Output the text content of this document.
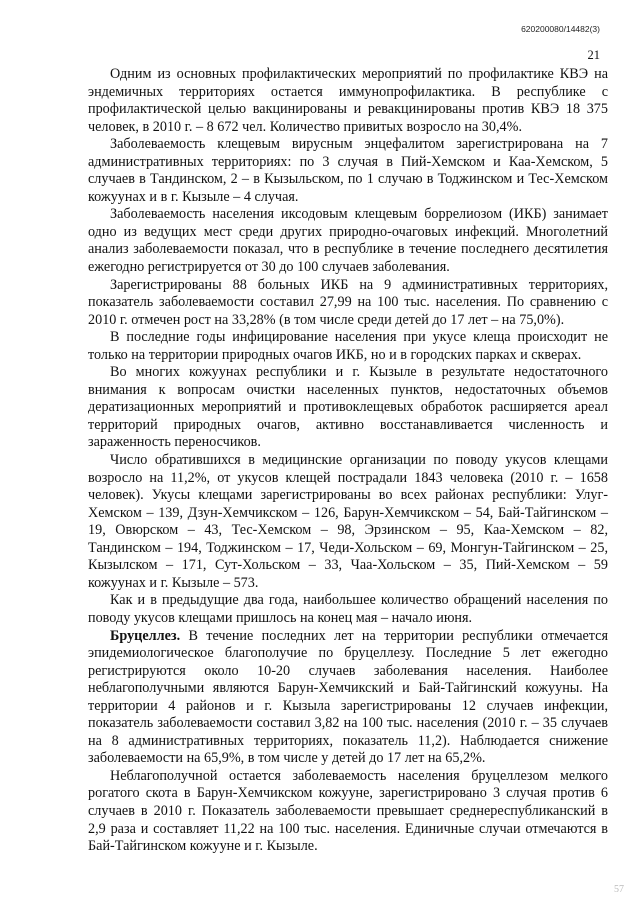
620200080/14482(3)
21

Одним из основных профилактических мероприятий по профилактике КВЭ на эндемичных территориях остается иммунопрофилактика. В республике с профилактической целью вакцинированы и ревакцинированы против КВЭ 18 375 человек, в 2010 г. – 8 672 чел. Количество привитых возросло на 30,4%.

Заболеваемость клещевым вирусным энцефалитом зарегистрирована на 7 административных территориях: по 3 случая в Пий-Хемском и Каа-Хемском, 5 случаев в Тандинском, 2 – в Кызыльском, по 1 случаю в Тоджинском и Тес-Хемском кожуунах и в г. Кызыле – 4 случая.

Заболеваемость населения иксодовым клещевым боррелиозом (ИКБ) занимает одно из ведущих мест среди других природно-очаговых инфекций. Многолетний анализ заболеваемости показал, что в республике в течение последнего десятилетия ежегодно регистрируется от 30 до 100 случаев заболевания.

Зарегистрированы 88 больных ИКБ на 9 административных территориях, показатель заболеваемости составил 27,99 на 100 тыс. населения. По сравнению с 2010 г. отмечен рост на 33,28% (в том числе среди детей до 17 лет – на 75,0%).

В последние годы инфицирование населения при укусе клеща происходит не только на территории природных очагов ИКБ, но и в городских парках и скверах.

Во многих кожуунах республики и г. Кызыле в результате недостаточного внимания к вопросам очистки населенных пунктов, недостаточных объемов дератизационных мероприятий и противоклещевых обработок расширяется ареал территорий природных очагов, активно восстанавливается численность и зараженность переносчиков.

Число обратившихся в медицинские организации по поводу укусов клещами возросло на 11,2%, от укусов клещей пострадали 1843 человека (2010 г. – 1658 человек). Укусы клещами зарегистрированы во всех районах республики: Улуг-Хемском – 139, Дзун-Хемчикском – 126, Барун-Хемчикском – 54, Бай-Тайгинском – 19, Овюрском – 43, Тес-Хемском – 98, Эрзинском – 95, Каа-Хемском – 82, Тандинском – 194, Тоджинском – 17, Чеди-Хольском – 69, Монгун-Тайгинском – 25, Кызылском – 171, Сут-Хольском – 33, Чаа-Хольском – 35, Пий-Хемском – 59 кожуунах и г. Кызыле – 573.

Как и в предыдущие два года, наибольшее количество обращений населения по поводу укусов клещами пришлось на конец мая – начало июня.

Бруцеллез. В течение последних лет на территории республики отмечается эпидемиологическое благополучие по бруцеллезу. Последние 5 лет ежегодно регистрируются около 10-20 случаев заболевания населения. Наиболее неблагополучными являются Барун-Хемчикский и Бай-Тайгинский кожууны. На территории 4 районов и г. Кызыла зарегистрированы 12 случаев инфекции, показатель заболеваемости составил 3,82 на 100 тыс. населения (2010 г. – 35 случаев на 8 административных территориях, показатель 11,2). Наблюдается снижение заболеваемости на 65,9%, в том числе у детей до 17 лет на 65,2%.

Неблагополучной остается заболеваемость населения бруцеллезом мелкого рогатого скота в Барун-Хемчикском кожууне, зарегистрировано 3 случая против 6 случаев в 2010 г. Показатель заболеваемости превышает среднереспубликанский в 2,9 раза и составляет 11,22 на 100 тыс. населения. Единичные случаи отмечаются в Бай-Тайгинском кожууне и г. Кызыле.

57
